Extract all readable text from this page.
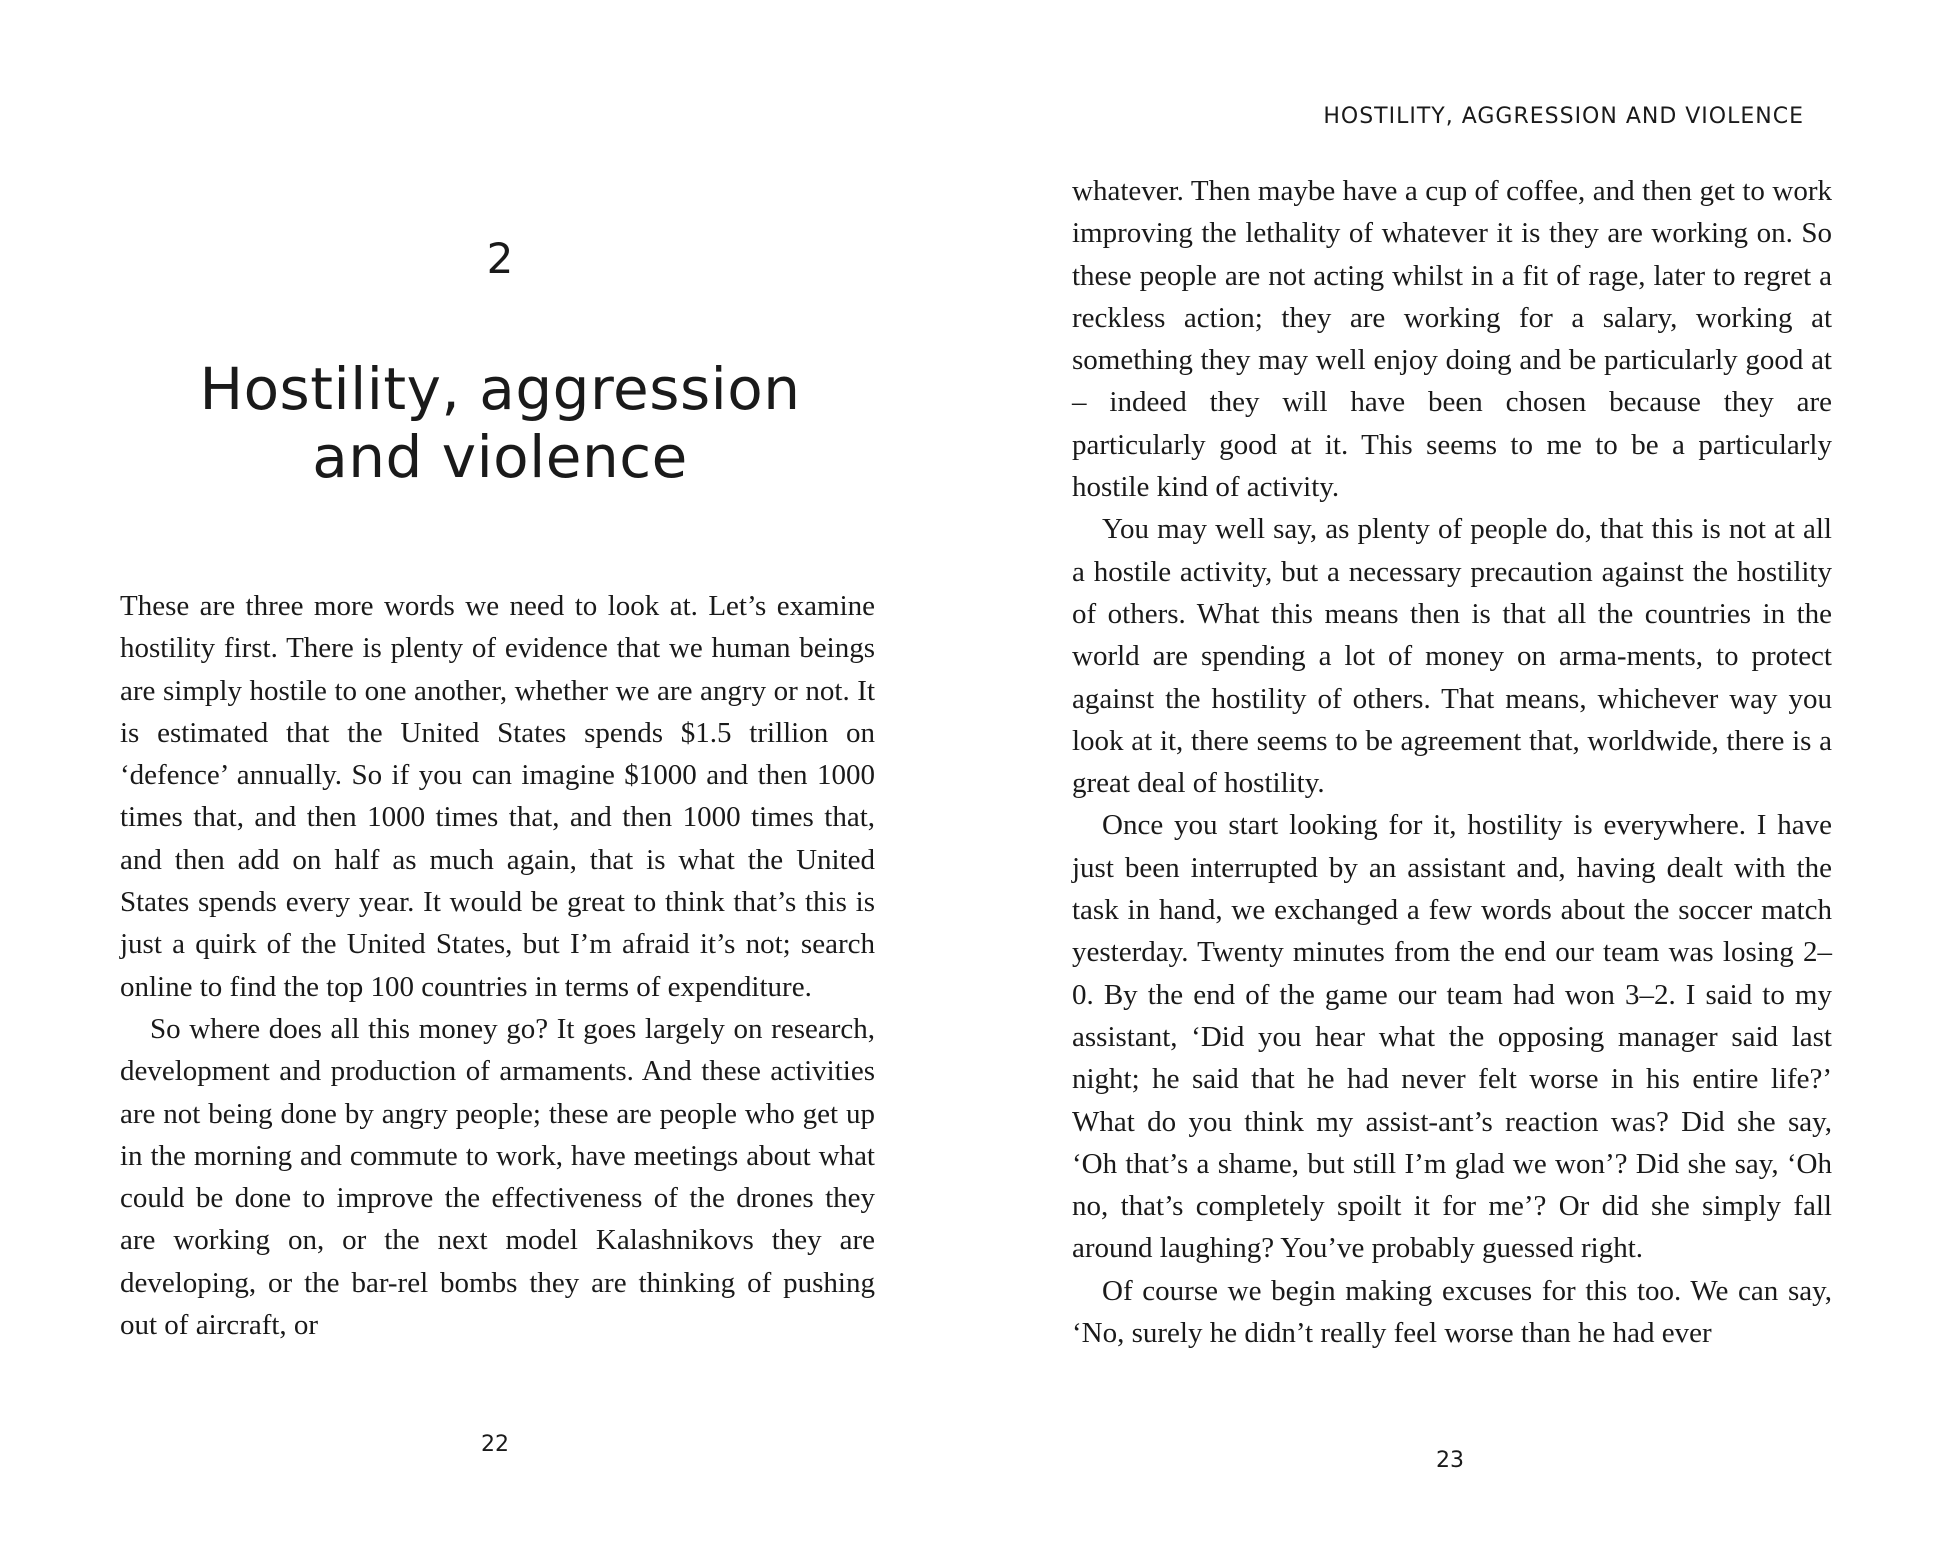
2
Hostility, aggression
and violence

These are three more words we need to look at. Let’s examine hostility first. There is plenty of evidence that we human beings are simply hostile to one another, whether we are angry or not. It is estimated that the United States spends $1.5 trillion on ‘defence’ annually. So if you can imagine $1000 and then 1000 times that, and then 1000 times that, and then 1000 times that, and then add on half as much again, that is what the United States spends every year. It would be great to think that’s this is just a quirk of the United States, but I’m afraid it’s not; search online to find the top 100 countries in terms of expenditure.

So where does all this money go? It goes largely on research, development and production of armaments. And these activities are not being done by angry people; these are people who get up in the morning and commute to work, have meetings about what could be done to improve the effectiveness of the drones they are working on, or the next model Kalashnikovs they are developing, or the bar-rel bombs they are thinking of pushing out of aircraft, or

22
HOSTILITY, AGGRESSION AND VIOLENCE

whatever. Then maybe have a cup of coffee, and then get to work improving the lethality of whatever it is they are working on. So these people are not acting whilst in a fit of rage, later to regret a reckless action; they are working for a salary, working at something they may well enjoy doing and be particularly good at – indeed they will have been chosen because they are particularly good at it. This seems to me to be a particularly hostile kind of activity.

You may well say, as plenty of people do, that this is not at all a hostile activity, but a necessary precaution against the hostility of others. What this means then is that all the countries in the world are spending a lot of money on arma-ments, to protect against the hostility of others. That means, whichever way you look at it, there seems to be agreement that, worldwide, there is a great deal of hostility.

Once you start looking for it, hostility is everywhere. I have just been interrupted by an assistant and, having dealt with the task in hand, we exchanged a few words about the soccer match yesterday. Twenty minutes from the end our team was losing 2–0. By the end of the game our team had won 3–2. I said to my assistant, ‘Did you hear what the opposing manager said last night; he said that he had never felt worse in his entire life?’ What do you think my assist-ant’s reaction was? Did she say, ‘Oh that’s a shame, but still I’m glad we won’? Did she say, ‘Oh no, that’s completely spoilt it for me’? Or did she simply fall around laughing? You’ve probably guessed right.

Of course we begin making excuses for this too. We can say, ‘No, surely he didn’t really feel worse than he had ever

23
